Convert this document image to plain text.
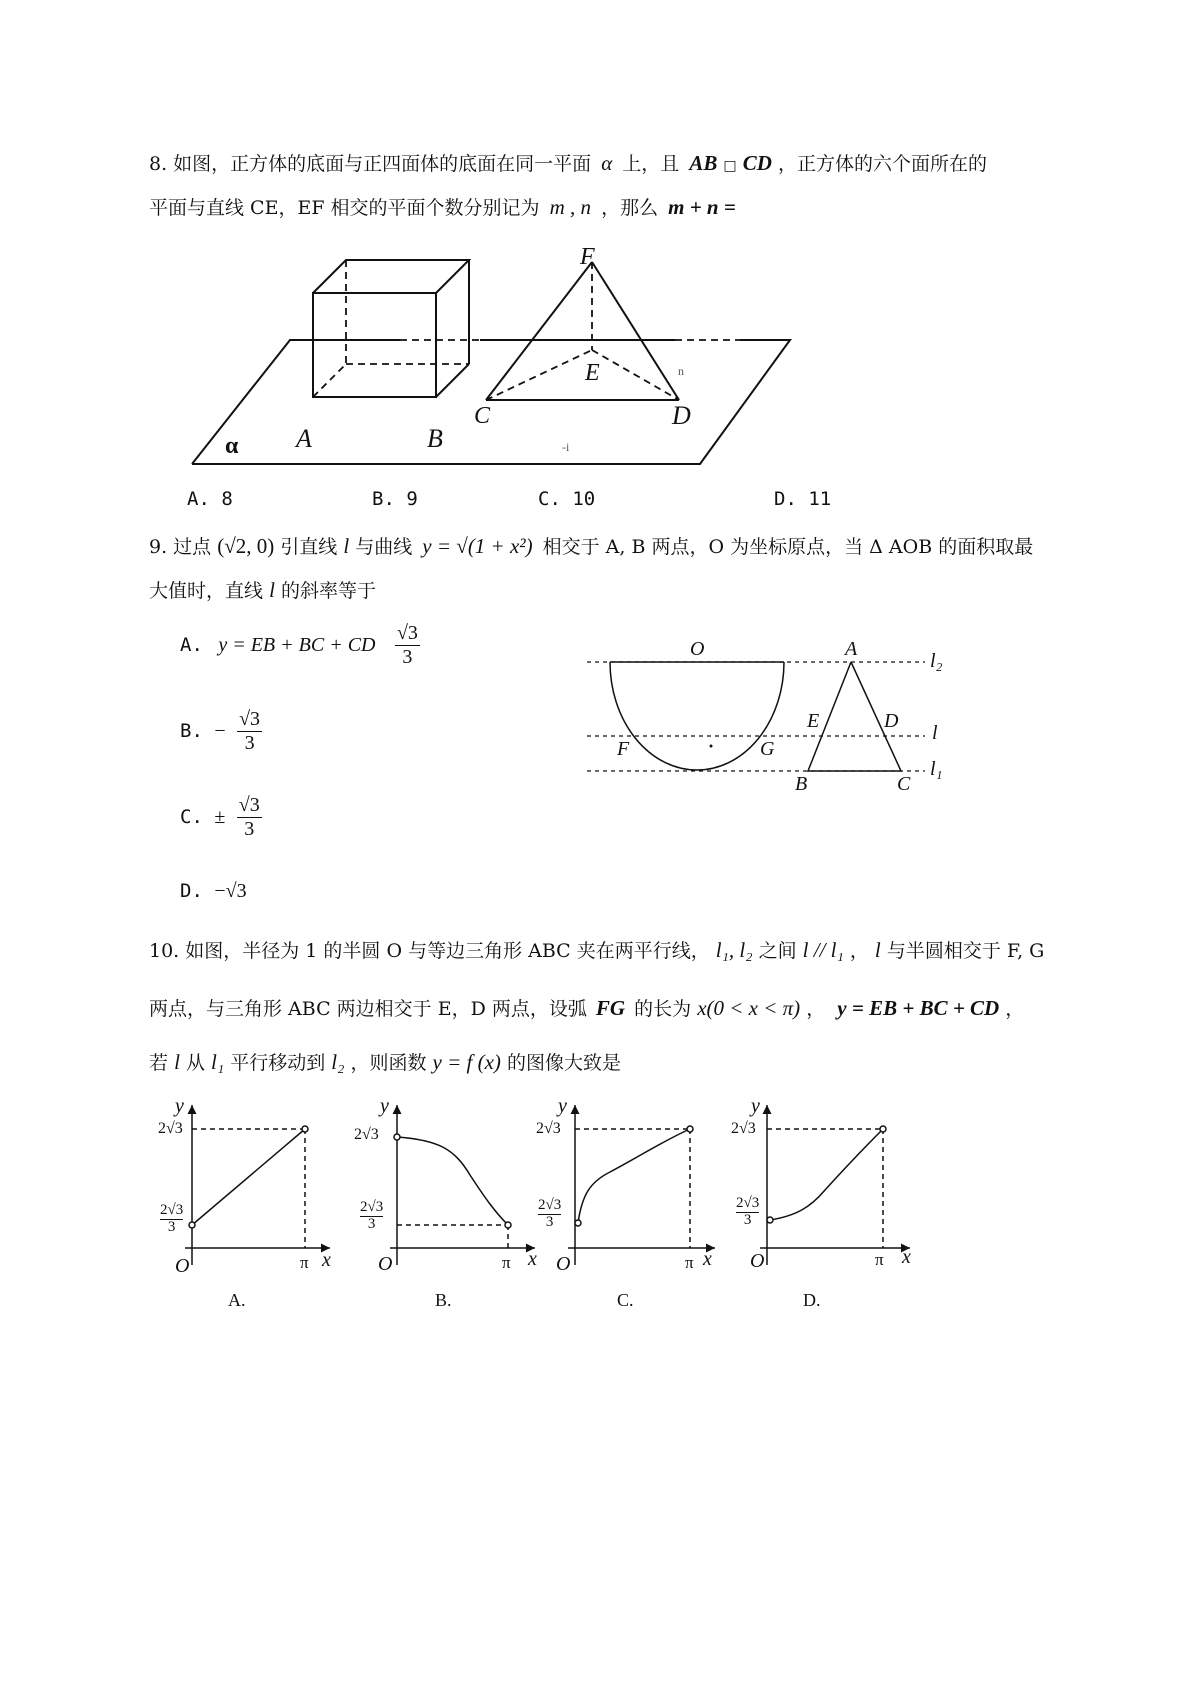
8. 如图，正方体的底面与正四面体的底面在同一平面 α 上，且 AB □ CD ，正方体的六个面所在的
平面与直线 CE，EF 相交的平面个数分别记为 m , n ，那么 m + n =
F
E
C	D
A	B
α
n
-i
A. 8	B. 9	C. 10	D. 11
9. 过点 (√2, 0) 引直线 l 与曲线 y = √(1 + x²) 相交于 A, B 两点，O 为坐标原点，当 Δ AOB 的面积取最
大值时，直线 l 的斜率等于
A. y = EB + BC + CD $\frac{√3}{3}$
B. − $\frac{√3}{3}$
C. ± $\frac{√3}{3}$
D. −√3
O	A
l₂
E	D
F	G
l
B	C
l₁
10. 如图，半径为 1 的半圆 O 与等边三角形 ABC 夹在两平行线， l₁, l₂ 之间 l // l₁ ， l 与半圆相交于 F, G
两点，与三角形 ABC 两边相交于 E，D 两点，设弧 FG 的长为 x(0 < x < π) ， y = EB + BC + CD ，
若 l 从 l₁ 平行移动到 l₂ ，则函数 y = f (x) 的图像大致是
y
2√3
$\frac{2√3}{3}$
O	π x
A.
y
2√3
$\frac{2√3}{3}$
O	π x
B.
y
2√3
$\frac{2√3}{3}$
O	π x
C.
y
2√3
$\frac{2√3}{3}$
O	π x
D.
